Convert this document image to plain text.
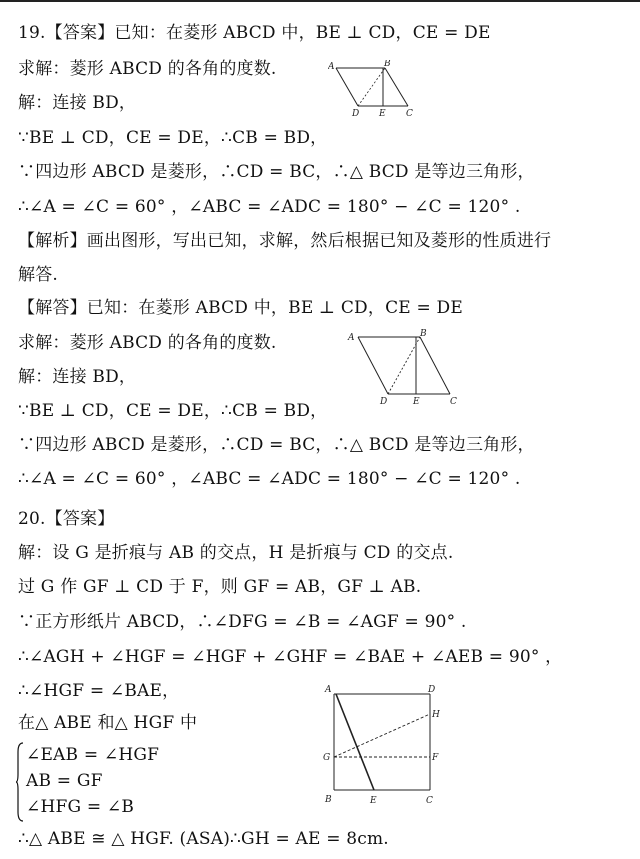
19.【答案】已知：在菱形 ABCD 中，BE ⊥ CD，CE = DE
求解：菱形 ABCD 的各角的度数.
解：连接 BD，
∵BE ⊥ CD，CE = DE，∴CB = BD，
∵四边形 ABCD 是菱形，∴CD = BC，∴△ BCD 是等边三角形，
∴∠A = ∠C = 60° ，∠ABC = ∠ADC = 180° − ∠C = 120° .
【解析】画出图形，写出已知，求解，然后根据已知及菱形的性质进行
解答.
【解答】已知：在菱形 ABCD 中，BE ⊥ CD，CE = DE
求解：菱形 ABCD 的各角的度数.
解：连接 BD，
∵BE ⊥ CD，CE = DE，∴CB = BD，
∵四边形 ABCD 是菱形，∴CD = BC，∴△ BCD 是等边三角形，
∴∠A = ∠C = 60° ，∠ABC = ∠ADC = 180° − ∠C = 120° .
A	B
C
D E
A	B
C
D	E
20.【答案】
解：设 G 是折痕与 AB 的交点，H 是折痕与 CD 的交点.
过 G 作 GF ⊥ CD 于 F，则 GF = AB，GF ⊥ AB.
∵正方形纸片 ABCD，∴∠DFG = ∠B = ∠AGF = 90° .
∴∠AGH + ∠HGF = ∠HGF + ∠GHF = ∠BAE + ∠AEB = 90° ，
∴∠HGF = ∠BAE，
在△ ABE 和△ HGF 中
∠EAB = ∠HGF
AB = GF
∠HFG = ∠B
∴△ ABE ≅ △ HGF. (ASA)∴GH = AE = 8cm.
A	D
B	E	C
G	F
H
